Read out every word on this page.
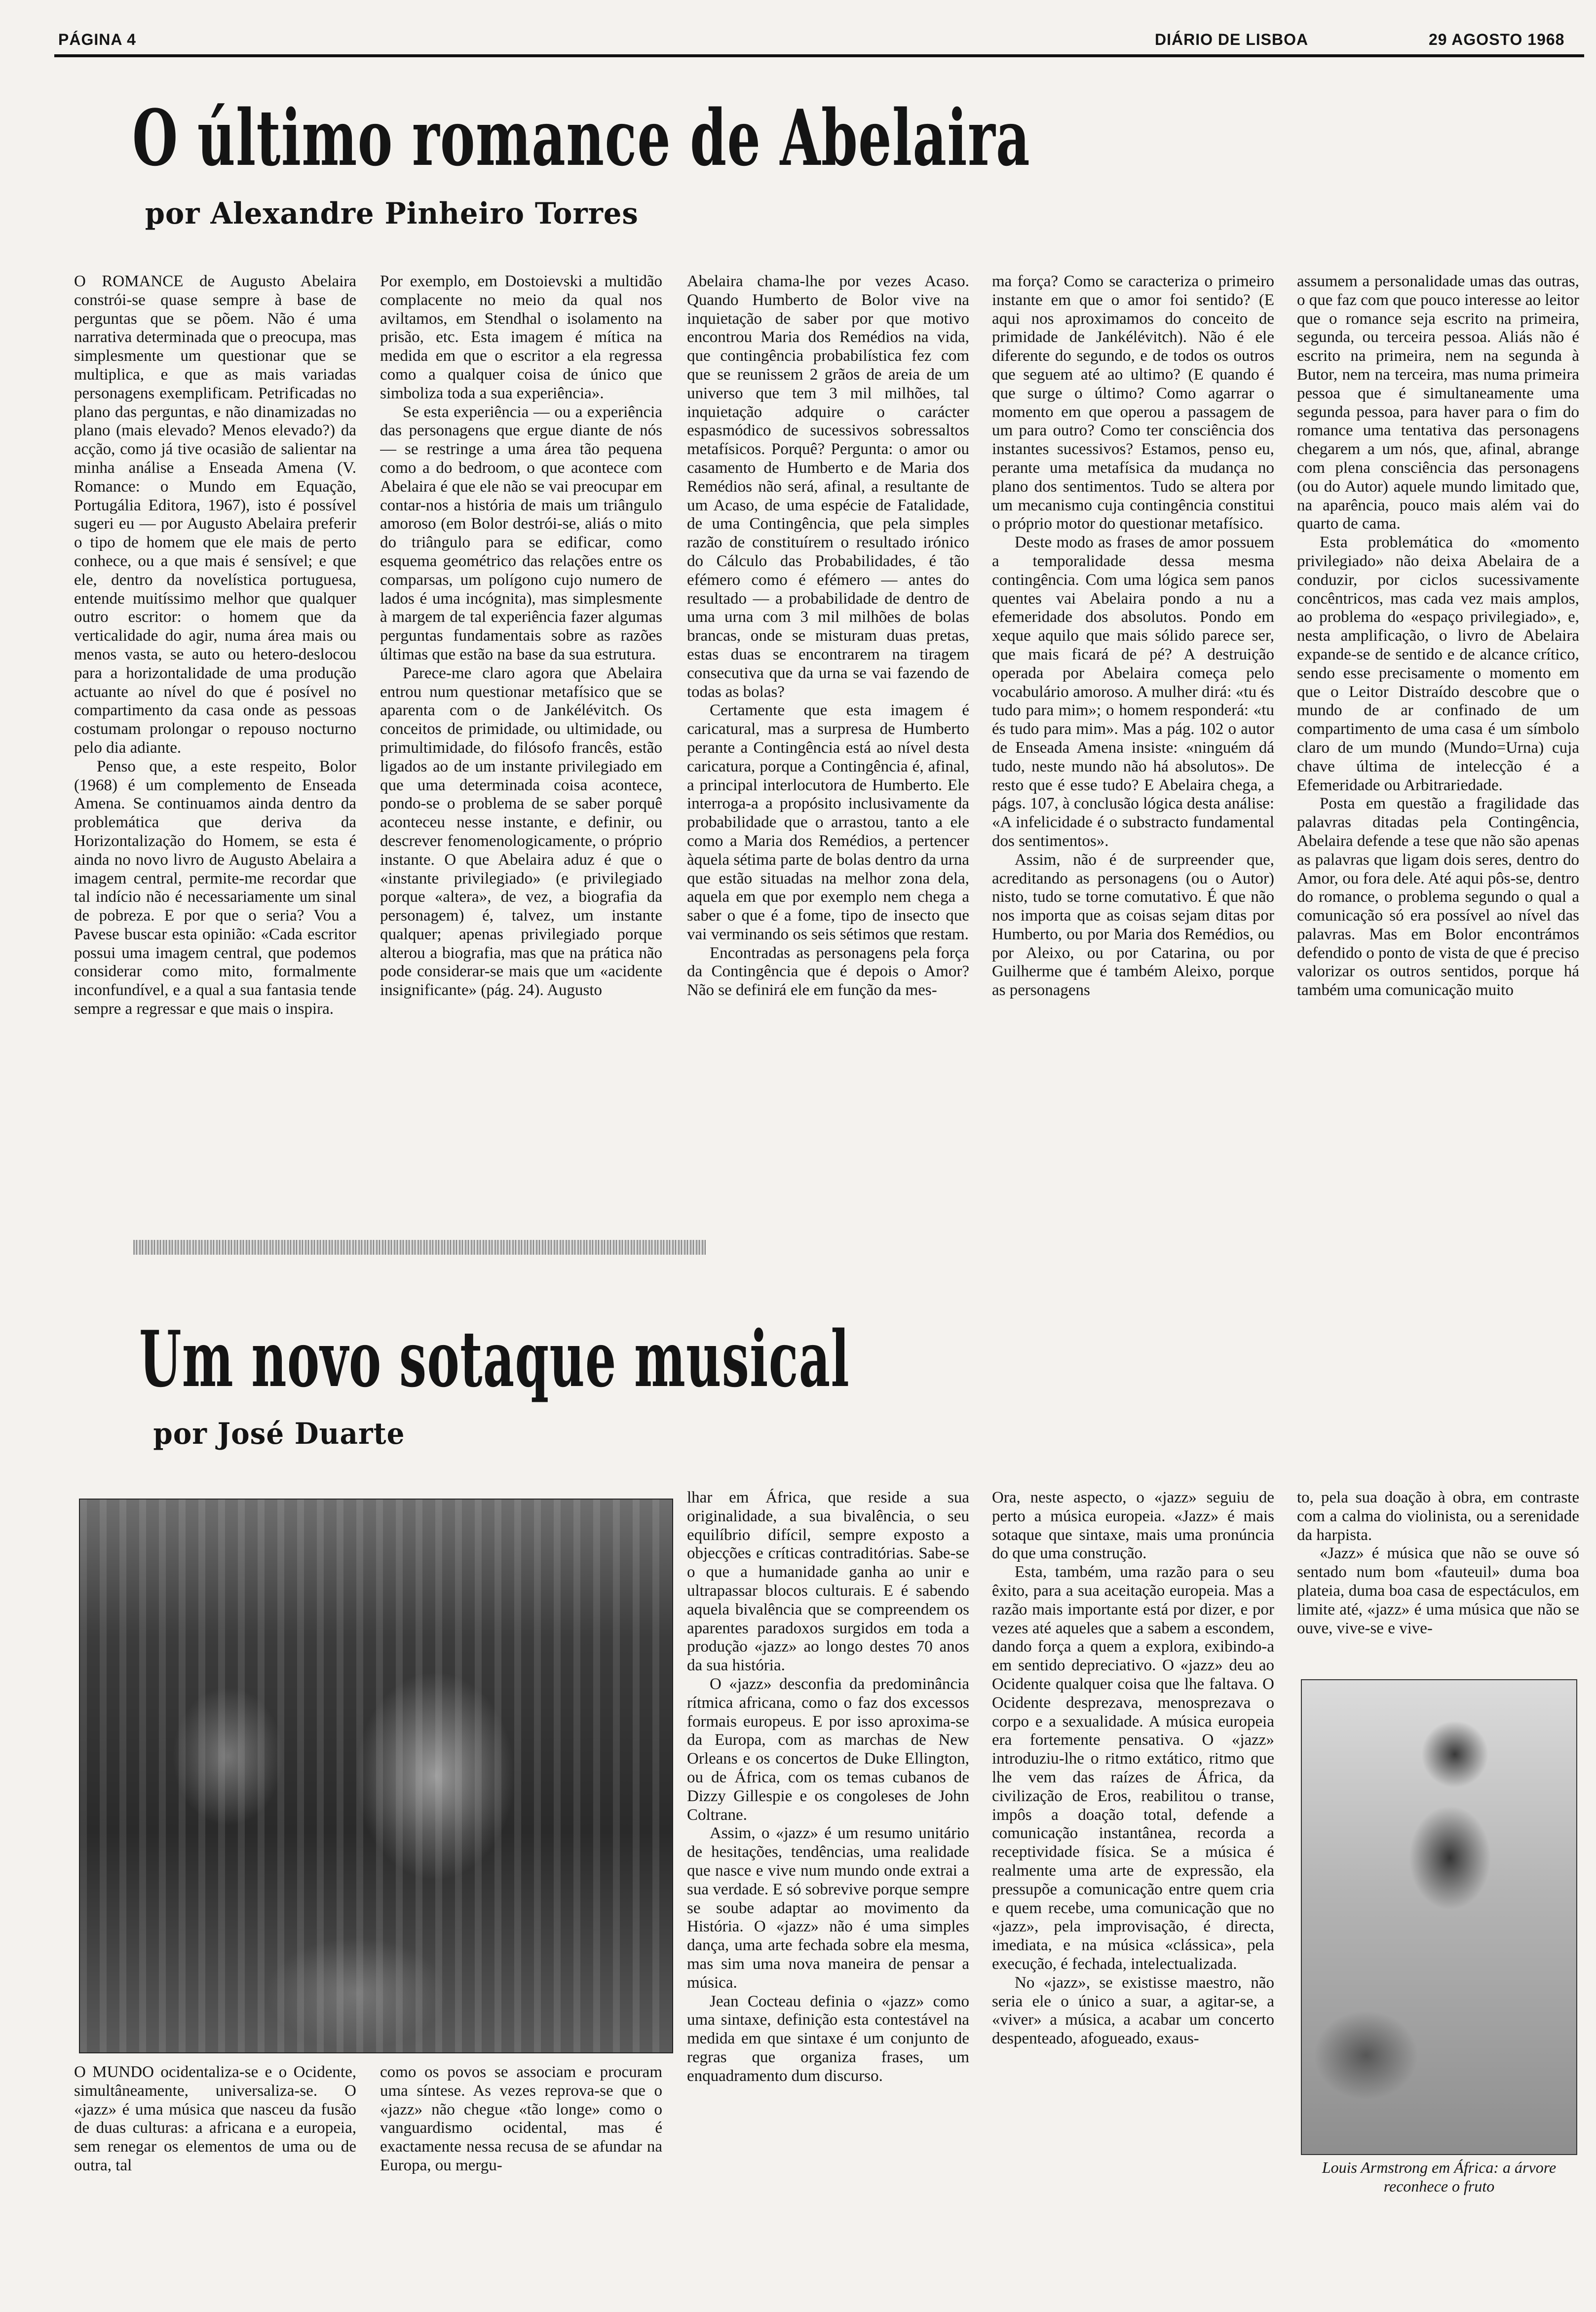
PÁGINA 4	DIÁRIO DE LISBOA	29 AGOSTO 1968
O último romance de Abelaira
por Alexandre Pinheiro Torres

O ROMANCE de Augusto Abelaira constrói-se quase sempre à base de perguntas que se põem. Não é uma narrativa determinada que o preocupa, mas simplesmente um questionar que se multiplica, e que as mais variadas personagens exemplificam. Petrificadas no plano das perguntas, e não dinamizadas no plano (mais elevado? Menos elevado?) da acção, como já tive ocasião de salientar na minha análise a Enseada Amena (V. Romance: o Mundo em Equação, Portugália Editora, 1967), isto é possível sugeri eu — por Augusto Abelaira preferir o tipo de homem que ele mais de perto conhece, ou a que mais é sensível; e que ele, dentro da novelística portuguesa, entende muitíssimo melhor que qualquer outro escritor: o homem que da verticalidade do agir, numa área mais ou menos vasta, se auto ou hetero-deslocou para a horizontalidade de uma produção actuante ao nível do que é posível no compartimento da casa onde as pessoas costumam prolongar o repouso nocturno pelo dia adiante.

Penso que, a este respeito, Bolor (1968) é um complemento de Enseada Amena. Se continuamos ainda dentro da problemática que deriva da Horizontalização do Homem, se esta é ainda no novo livro de Augusto Abelaira a imagem central, permite-me recordar que tal indício não é necessariamente um sinal de pobreza. E por que o seria? Vou a Pavese buscar esta opinião: «Cada escritor possui uma imagem central, que podemos considerar como mito, formalmente inconfundível, e a qual a sua fantasia tende sempre a regressar e que mais o inspira.

Por exemplo, em Dostoievski a multidão complacente no meio da qual nos aviltamos, em Stendhal o isolamento na prisão, etc. Esta imagem é mítica na medida em que o escritor a ela regressa como a qualquer coisa de único que simboliza toda a sua experiência».

Se esta experiência — ou a experiência das personagens que ergue diante de nós — se restringe a uma área tão pequena como a do bedroom, o que acontece com Abelaira é que ele não se vai preocupar em contar-nos a história de mais um triângulo amoroso (em Bolor destrói-se, aliás o mito do triângulo para se edificar, como esquema geométrico das relações entre os comparsas, um polígono cujo numero de lados é uma incógnita), mas simplesmente à margem de tal experiência fazer algumas perguntas fundamentais sobre as razões últimas que estão na base da sua estrutura.

Parece-me claro agora que Abelaira entrou num questionar metafísico que se aparenta com o de Jankélévitch. Os conceitos de primidade, ou ultimidade, ou primultimidade, do filósofo francês, estão ligados ao de um instante privilegiado em que uma determinada coisa acontece, pondo-se o problema de se saber porquê aconteceu nesse instante, e definir, ou descrever fenomenologicamente, o próprio instante. O que Abelaira aduz é que o «instante privilegiado» (e privilegiado porque «altera», de vez, a biografia da personagem) é, talvez, um instante qualquer; apenas privilegiado porque alterou a biografia, mas que na prática não pode considerar-se mais que um «acidente insignificante» (pág. 24). Augusto

Abelaira chama-lhe por vezes Acaso. Quando Humberto de Bolor vive na inquietação de saber por que motivo encontrou Maria dos Remédios na vida, que contingência probabilística fez com que se reunissem 2 grãos de areia de um universo que tem 3 mil milhões, tal inquietação adquire o carácter espasmódico de sucessivos sobressaltos metafísicos. Porquê? Pergunta: o amor ou casamento de Humberto e de Maria dos Remédios não será, afinal, a resultante de um Acaso, de uma espécie de Fatalidade, de uma Contingência, que pela simples razão de constituírem o resultado irónico do Cálculo das Probabilidades, é tão efémero como é efémero — antes do resultado — a probabilidade de dentro de uma urna com 3 mil milhões de bolas brancas, onde se misturam duas pretas, estas duas se encontrarem na tiragem consecutiva que da urna se vai fazendo de todas as bolas?

Certamente que esta imagem é caricatural, mas a surpresa de Humberto perante a Contingência está ao nível desta caricatura, porque a Contingência é, afinal, a principal interlocutora de Humberto. Ele interroga-a a propósito inclusivamente da probabilidade que o arrastou, tanto a ele como a Maria dos Remédios, a pertencer àquela sétima parte de bolas dentro da urna que estão situadas na melhor zona dela, aquela em que por exemplo nem chega a saber o que é a fome, tipo de insecto que vai verminando os seis sétimos que restam.

Encontradas as personagens pela força da Contingência que é depois o Amor? Não se definirá ele em função da mes-

ma força? Como se caracteriza o primeiro instante em que o amor foi sentido? (E aqui nos aproximamos do conceito de primidade de Jankélévitch). Não é ele diferente do segundo, e de todos os outros que seguem até ao ultimo? (E quando é que surge o último? Como agarrar o momento em que operou a passagem de um para outro? Como ter consciência dos instantes sucessivos? Estamos, penso eu, perante uma metafísica da mudança no plano dos sentimentos. Tudo se altera por um mecanismo cuja contingência constitui o próprio motor do questionar metafísico.

Deste modo as frases de amor possuem a temporalidade dessa mesma contingência. Com uma lógica sem panos quentes vai Abelaira pondo a nu a efemeridade dos absolutos. Pondo em xeque aquilo que mais sólido parece ser, que mais ficará de pé? A destruição operada por Abelaira começa pelo vocabulário amoroso. A mulher dirá: «tu és tudo para mim»; o homem responderá: «tu és tudo para mim». Mas a pág. 102 o autor de Enseada Amena insiste: «ninguém dá tudo, neste mundo não há absolutos». De resto que é esse tudo? E Abelaira chega, a págs. 107, à conclusão lógica desta análise: «A infelicidade é o substracto fundamental dos sentimentos».

Assim, não é de surpreender que, acreditando as personagens (ou o Autor) nisto, tudo se torne comutativo. É que não nos importa que as coisas sejam ditas por Humberto, ou por Maria dos Remédios, ou por Aleixo, ou por Catarina, ou por Guilherme que é também Aleixo, porque as personagens

assumem a personalidade umas das outras, o que faz com que pouco interesse ao leitor que o romance seja escrito na primeira, segunda, ou terceira pessoa. Aliás não é escrito na primeira, nem na segunda à Butor, nem na terceira, mas numa primeira pessoa que é simultaneamente uma segunda pessoa, para haver para o fim do romance uma tentativa das personagens chegarem a um nós, que, afinal, abrange com plena consciência das personagens (ou do Autor) aquele mundo limitado que, na aparência, pouco mais além vai do quarto de cama.

Esta problemática do «momento privilegiado» não deixa Abelaira de a conduzir, por ciclos sucessivamente concêntricos, mas cada vez mais amplos, ao problema do «espaço privilegiado», e, nesta amplificação, o livro de Abelaira expande-se de sentido e de alcance crítico, sendo esse precisamente o momento em que o Leitor Distraído descobre que o mundo de ar confinado de um compartimento de uma casa é um símbolo claro de um mundo (Mundo=Urna) cuja chave última de intelecção é a Efemeridade ou Arbitrariedade.

Posta em questão a fragilidade das palavras ditadas pela Contingência, Abelaira defende a tese que não são apenas as palavras que ligam dois seres, dentro do Amor, ou fora dele. Até aqui pôs-se, dentro do romance, o problema segundo o qual a comunicação só era possível ao nível das palavras. Mas em Bolor encontrámos defendido o ponto de vista de que é preciso valorizar os outros sentidos, porque há também uma comunicação muito

Um novo sotaque musical
por José Duarte

O MUNDO ocidentaliza-se e o Ocidente, simultâneamente, universaliza-se. O «jazz» é uma música que nasceu da fusão de duas culturas: a africana e a europeia, sem renegar os elementos de uma ou de outra, tal

como os povos se associam e procuram uma síntese. As vezes reprova-se que o «jazz» não chegue «tão longe» como o vanguardismo ocidental, mas é exactamente nessa recusa de se afundar na Europa, ou mergu-

lhar em África, que reside a sua originalidade, a sua bivalência, o seu equilíbrio difícil, sempre exposto a objecções e críticas contraditórias. Sabe-se o que a humanidade ganha ao unir e ultrapassar blocos culturais. E é sabendo aquela bivalência que se compreendem os aparentes paradoxos surgidos em toda a produção «jazz» ao longo destes 70 anos da sua história.

O «jazz» desconfia da predominância rítmica africana, como o faz dos excessos formais europeus. E por isso aproxima-se da Europa, com as marchas de New Orleans e os concertos de Duke Ellington, ou de África, com os temas cubanos de Dizzy Gillespie e os congoleses de John Coltrane.

Assim, o «jazz» é um resumo unitário de hesitações, tendências, uma realidade que nasce e vive num mundo onde extrai a sua verdade. E só sobrevive porque sempre se soube adaptar ao movimento da História. O «jazz» não é uma simples dança, uma arte fechada sobre ela mesma, mas sim uma nova maneira de pensar a música.

Jean Cocteau definia o «jazz» como uma sintaxe, definição esta contestável na medida em que sintaxe é um conjunto de regras que organiza frases, um enquadramento dum discurso.

Ora, neste aspecto, o «jazz» seguiu de perto a música europeia. «Jazz» é mais sotaque que sintaxe, mais uma pronúncia do que uma construção.

Esta, também, uma razão para o seu êxito, para a sua aceitação europeia. Mas a razão mais importante está por dizer, e por vezes até aqueles que a sabem a escondem, dando força a quem a explora, exibindo-a em sentido depreciativo. O «jazz» deu ao Ocidente qualquer coisa que lhe faltava. O Ocidente desprezava, menosprezava o corpo e a sexualidade. A música europeia era fortemente pensativa. O «jazz» introduziu-lhe o ritmo extático, ritmo que lhe vem das raízes de África, da civilização de Eros, reabilitou o transe, impôs a doação total, defende a comunicação instantânea, recorda a receptividade física. Se a música é realmente uma arte de expressão, ela pressupõe a comunicação entre quem cria e quem recebe, uma comunicação que no «jazz», pela improvisação, é directa, imediata, e na música «clássica», pela execução, é fechada, intelectualizada.

No «jazz», se existisse maestro, não seria ele o único a suar, a agitar-se, a «viver» a música, a acabar um concerto despenteado, afogueado, exaus-

to, pela sua doação à obra, em contraste com a calma do violinista, ou a serenidade da harpista.

«Jazz» é música que não se ouve só sentado num bom «fauteuil» duma boa plateia, duma boa casa de espectáculos, em limite até, «jazz» é uma música que não se ouve, vive-se e vive-

Louis Armstrong em África: a árvore reconhece o fruto
